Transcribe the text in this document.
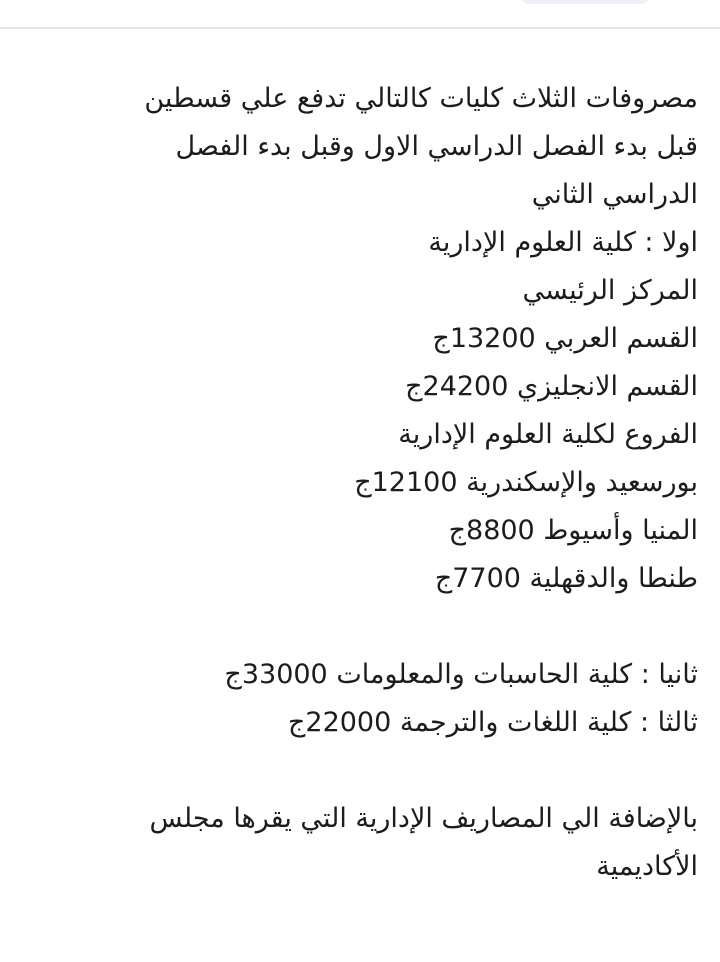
مصروفات الثلاث كليات كالتالي تدفع علي قسطين
قبل بدء الفصل الدراسي الاول وقبل بدء الفصل
الدراسي الثاني
اولا : كلية العلوم الإدارية
المركز الرئيسي
القسم العربي 13200ج
القسم الانجليزي 24200ج
الفروع لكلية العلوم الإدارية
بورسعيد والإسكندرية 12100ج
المنيا وأسيوط 8800ج
طنطا والدقهلية 7700ج
ثانيا : كلية الحاسبات والمعلومات 33000ج
ثالثا : كلية اللغات والترجمة 22000ج
بالإضافة الي المصاريف الإدارية التي يقرها مجلس
الأكاديمية
